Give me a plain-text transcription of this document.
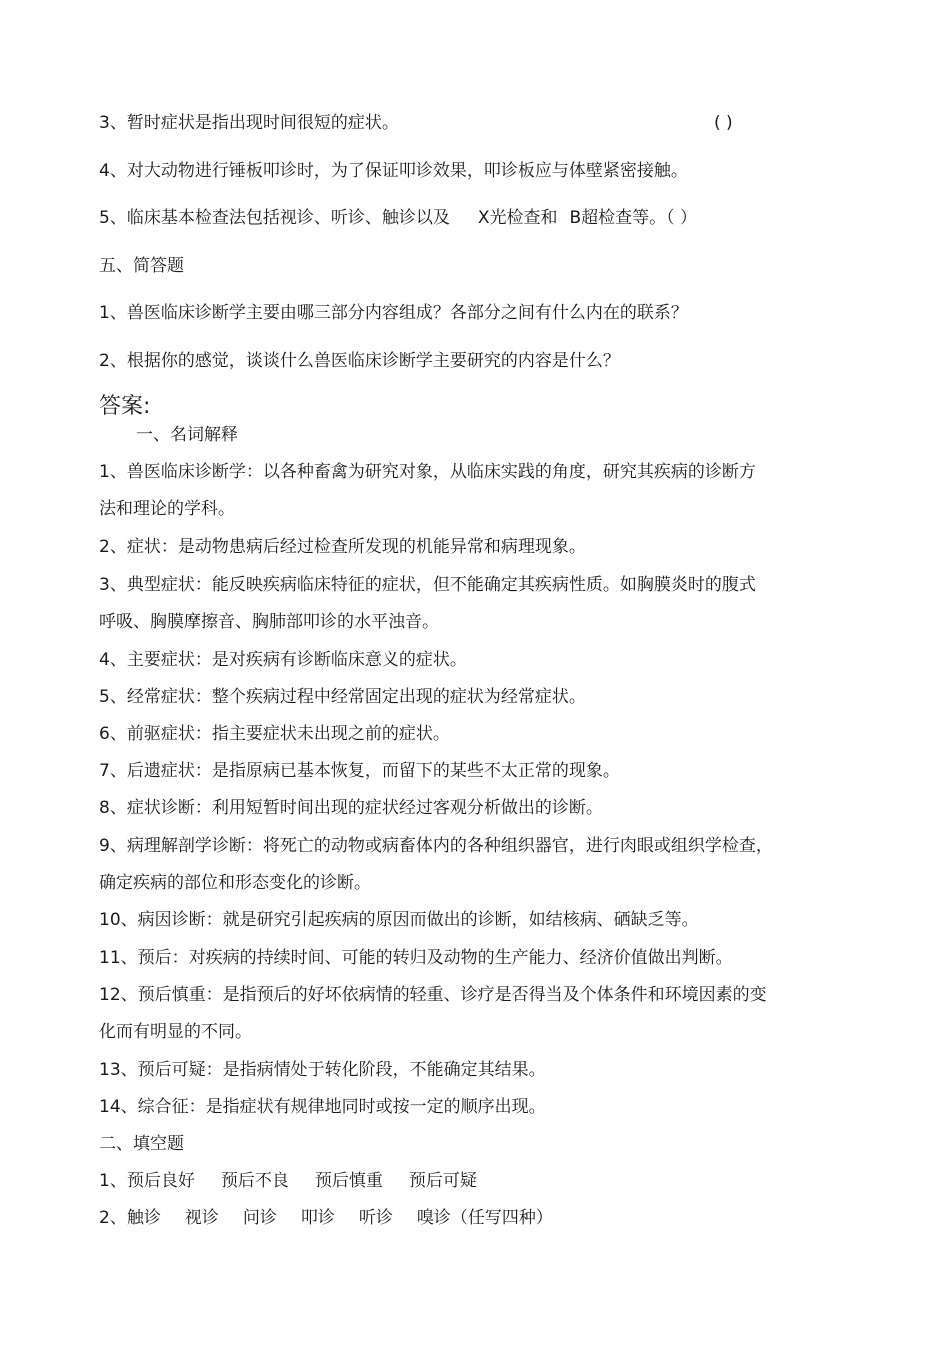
3、暂时症状是指出现时间很短的症状。	( )
4、对大动物进行锤板叩诊时，为了保证叩诊效果，叩诊板应与体壁紧密接触。
5、临床基本检查法包括视诊、听诊、触诊以及 X光检查和 B超检查等。（ ）
五、简答题
1、兽医临床诊断学主要由哪三部分内容组成？各部分之间有什么内在的联系？
2、根据你的感觉，谈谈什么兽医临床诊断学主要研究的内容是什么？
答案:
一、名词解释
1、兽医临床诊断学：以各种畜禽为研究对象，从临床实践的角度，研究其疾病的诊断方
法和理论的学科。
2、症状：是动物患病后经过检查所发现的机能异常和病理现象。
3、典型症状：能反映疾病临床特征的症状，但不能确定其疾病性质。如胸膜炎时的腹式
呼吸、胸膜摩擦音、胸肺部叩诊的水平浊音。
4、主要症状：是对疾病有诊断临床意义的症状。
5、经常症状：整个疾病过程中经常固定出现的症状为经常症状。
6、前驱症状：指主要症状未出现之前的症状。
7、后遗症状：是指原病已基本恢复，而留下的某些不太正常的现象。
8、症状诊断：利用短暂时间出现的症状经过客观分析做出的诊断。
9、病理解剖学诊断：将死亡的动物或病畜体内的各种组织器官，进行肉眼或组织学检查，
确定疾病的部位和形态变化的诊断。
10、病因诊断：就是研究引起疾病的原因而做出的诊断，如结核病、硒缺乏等。
11、预后：对疾病的持续时间、可能的转归及动物的生产能力、经济价值做出判断。
12、预后慎重：是指预后的好坏依病情的轻重、诊疗是否得当及个体条件和环境因素的变
化而有明显的不同。
13、预后可疑：是指病情处于转化阶段，不能确定其结果。
14、综合征：是指症状有规律地同时或按一定的顺序出现。
二、填空题
1、预后良好 预后不良 预后慎重 预后可疑
2、触诊 视诊 问诊 叩诊 听诊 嗅诊（任写四种）
